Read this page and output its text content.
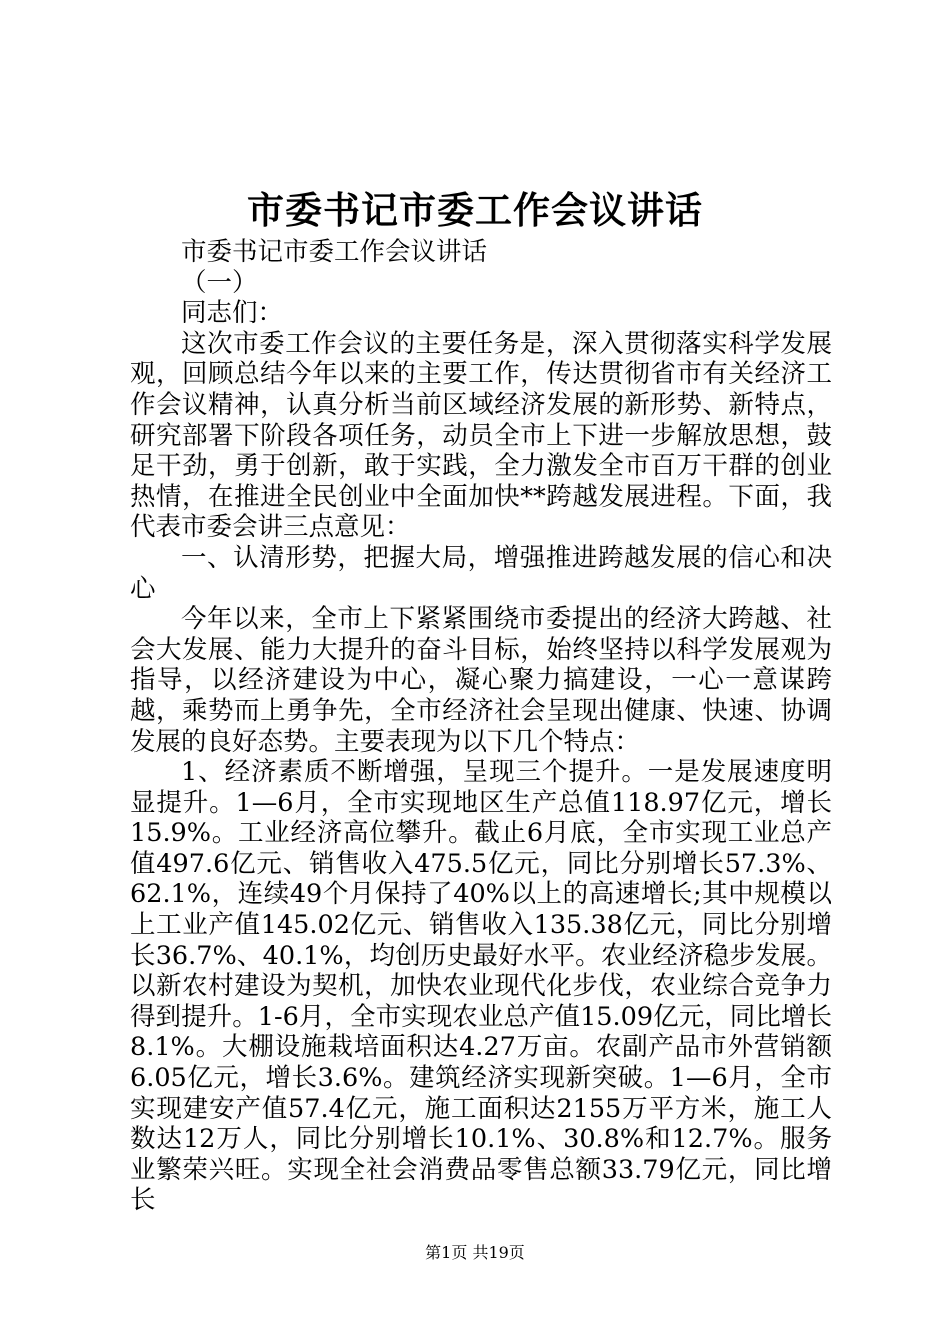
市委书记市委工作会议讲话

市委书记市委工作会议讲话

（一）

同志们：

这次市委工作会议的主要任务是，深入贯彻落实科学发展观，回顾总结今年以来的主要工作，传达贯彻省市有关经济工作会议精神，认真分析当前区域经济发展的新形势、新特点，研究部署下阶段各项任务，动员全市上下进一步解放思想，鼓足干劲，勇于创新，敢于实践，全力激发全市百万干群的创业热情，在推进全民创业中全面加快**跨越发展进程。下面，我代表市委会讲三点意见：

一、认清形势，把握大局，增强推进跨越发展的信心和决心

今年以来，全市上下紧紧围绕市委提出的经济大跨越、社会大发展、能力大提升的奋斗目标，始终坚持以科学发展观为指导，以经济建设为中心，凝心聚力搞建设，一心一意谋跨越，乘势而上勇争先，全市经济社会呈现出健康、快速、协调发展的良好态势。主要表现为以下几个特点：

1、经济素质不断增强，呈现三个提升。一是发展速度明显提升。1—6月，全市实现地区生产总值118.97亿元，增长15.9%。工业经济高位攀升。截止6月底，全市实现工业总产值497.6亿元、销售收入475.5亿元，同比分别增长57.3%、62.1%，连续49个月保持了40%以上的高速增长;其中规模以上工业产值145.02亿元、销售收入135.38亿元，同比分别增长36.7%、40.1%，均创历史最好水平。农业经济稳步发展。以新农村建设为契机，加快农业现代化步伐，农业综合竞争力得到提升。1-6月，全市实现农业总产值15.09亿元，同比增长8.1%。大棚设施栽培面积达4.27万亩。农副产品市外营销额6.05亿元，增长3.6%。建筑经济实现新突破。1—6月，全市实现建安产值57.4亿元，施工面积达2155万平方米，施工人数达12万人，同比分别增长10.1%、30.8%和12.7%。服务业繁荣兴旺。实现全社会消费品零售总额33.79亿元，同比增长

第1页 共19页
